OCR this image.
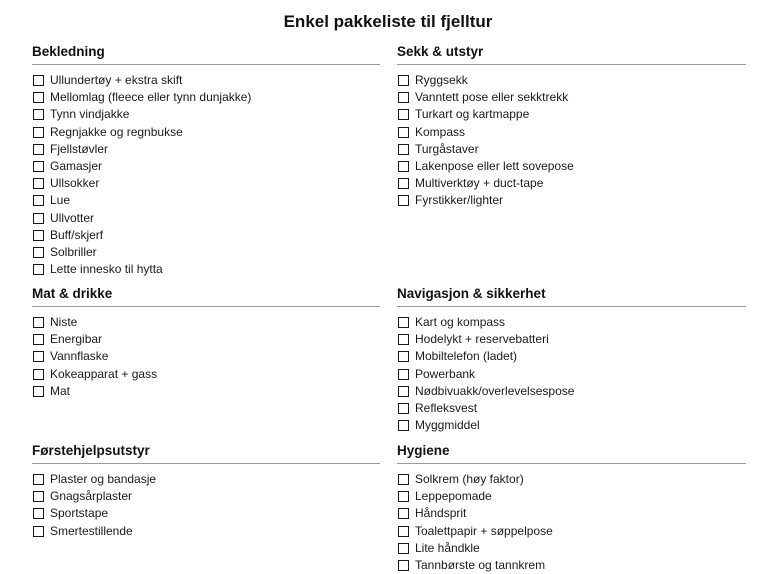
Enkel pakkeliste til fjelltur
Bekledning
Ullundertøy + ekstra skift
Mellomlag (fleece eller tynn dunjakke)
Tynn vindjakke
Regnjakke og regnbukse
Fjellstøvler
Gamasjer
Ullsokker
Lue
Ullvotter
Buff/skjerf
Solbriller
Lette innesko til hytta
Sekk & utstyr
Ryggsekk
Vanntett pose eller sekktrekk
Turkart og kartmappe
Kompass
Turgåstaver
Lakenpose eller lett sovepose
Multiverktøy + duct-tape
Fyrstikker/lighter
Mat & drikke
Niste
Energibar
Vannflaske
Kokeapparat + gass
Mat
Navigasjon & sikkerhet
Kart og kompass
Hodelykt + reservebatteri
Mobiltelefon (ladet)
Powerbank
Nødbivuakk/overlevelsespose
Refleksvest
Myggmiddel
Førstehjelpsutstyr
Plaster og bandasje
Gnagsårplaster
Sportstape
Smertestillende
Hygiene
Solkrem (høy faktor)
Leppepomade
Håndsprit
Toalettpapir + søppelpose
Lite håndkle
Tannbørste og tannkrem
